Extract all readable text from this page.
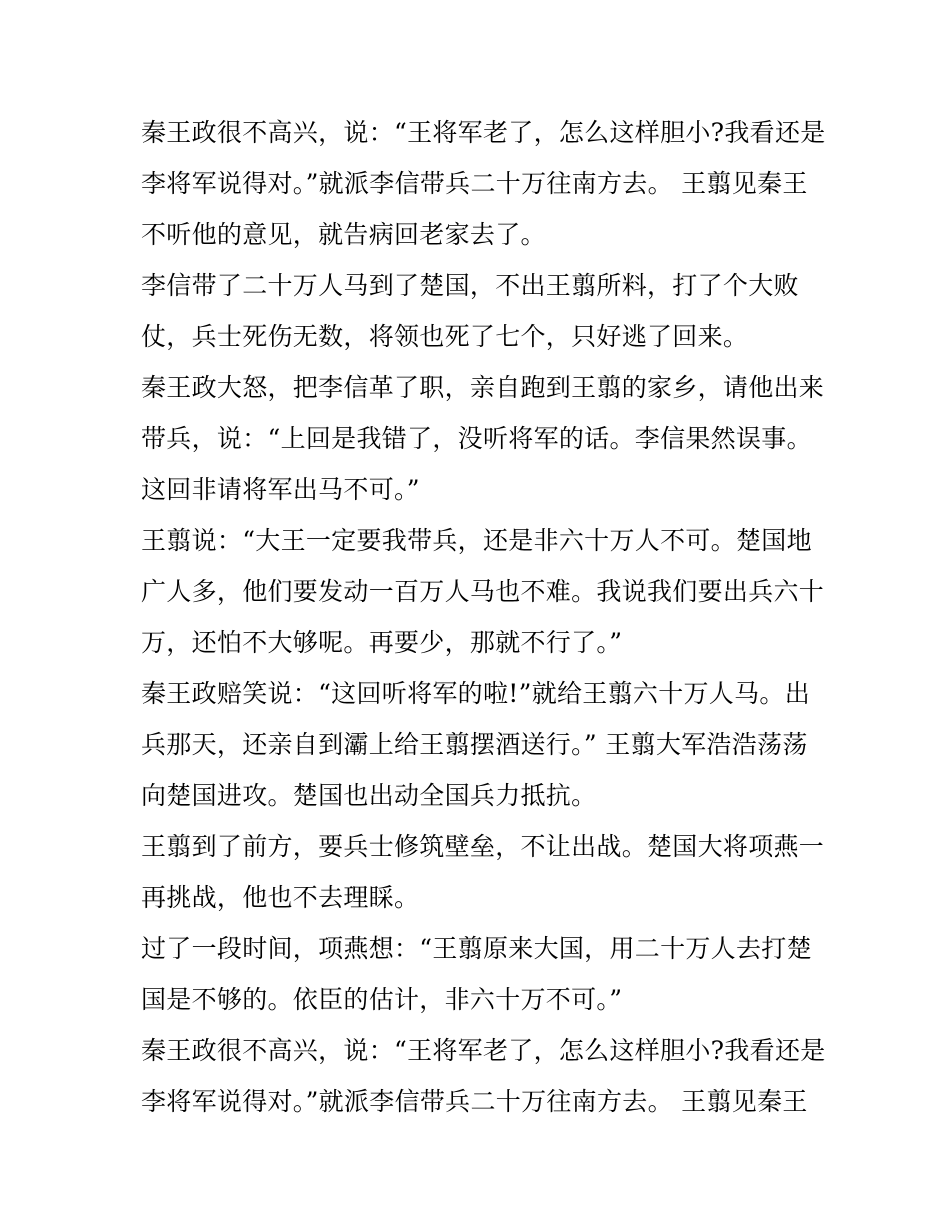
秦王政很不高兴，说：“王将军老了，怎么这样胆小?我看还是
李将军说得对。”就派李信带兵二十万往南方去。 王翦见秦王
不听他的意见，就告病回老家去了。
李信带了二十万人马到了楚国，不出王翦所料，打了个大败
仗，兵士死伤无数，将领也死了七个，只好逃了回来。
秦王政大怒，把李信革了职，亲自跑到王翦的家乡，请他出来
带兵，说：“上回是我错了，没听将军的话。李信果然误事。
这回非请将军出马不可。”
王翦说：“大王一定要我带兵，还是非六十万人不可。楚国地
广人多，他们要发动一百万人马也不难。我说我们要出兵六十
万，还怕不大够呢。再要少，那就不行了。”
秦王政赔笑说：“这回听将军的啦!”就给王翦六十万人马。出
兵那天，还亲自到灞上给王翦摆酒送行。” 王翦大军浩浩荡荡
向楚国进攻。楚国也出动全国兵力抵抗。
王翦到了前方，要兵士修筑壁垒，不让出战。楚国大将项燕一
再挑战，他也不去理睬。
过了一段时间，项燕想：“王翦原来大国，用二十万人去打楚
国是不够的。依臣的估计，非六十万不可。”
秦王政很不高兴，说：“王将军老了，怎么这样胆小?我看还是
李将军说得对。”就派李信带兵二十万往南方去。 王翦见秦王
